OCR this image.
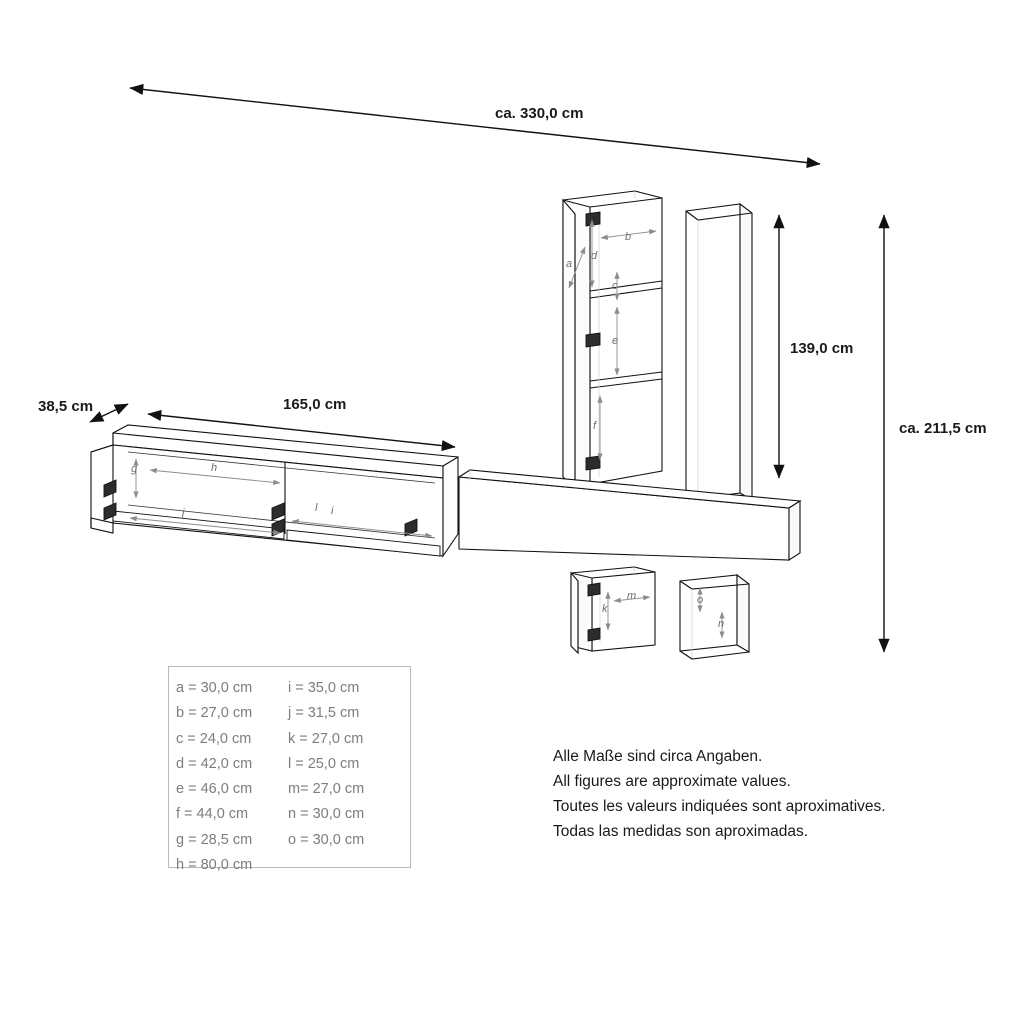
ca. 330,0 cm
ca. 211,5 cm
139,0 cm
165,0 cm
38,5 cm
a
b
c
d
e
f
g	h
i
j
k
l
m
n
o
a = 30,0 cm	i = 35,0 cm
b = 27,0 cm	j = 31,5 cm
c = 24,0 cm	k = 27,0 cm
d = 42,0 cm	l = 25,0 cm
e = 46,0 cm	m= 27,0 cm
f = 44,0 cm	n = 30,0 cm
g = 28,5 cm	o = 30,0 cm
h = 80,0 cm
Alle Maße sind circa Angaben.
All figures are approximate values.
Toutes les valeurs indiquées sont aproximatives.
Todas las medidas son aproximadas.
